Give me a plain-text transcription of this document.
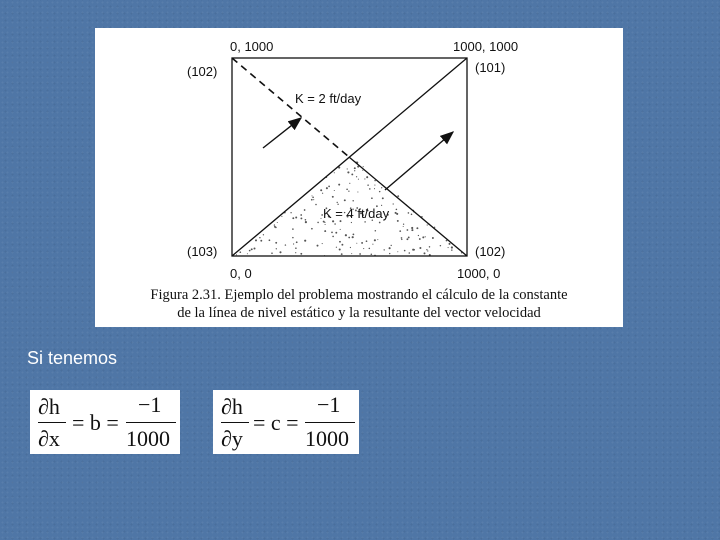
0, 1000
(102)
1000, 1000
(101)
(103)
0, 0
(102)
1000, 0
K = 2 ft/day
K = 4 ft/day

Figura 2.31. Ejemplo del problema mostrando el cálculo de la constante
de la línea de nivel estático y la resultante del vector velocidad

Si tenemos
∂h
∂x
= b =
−1
1000
∂h
∂y
= c =
−1
1000
